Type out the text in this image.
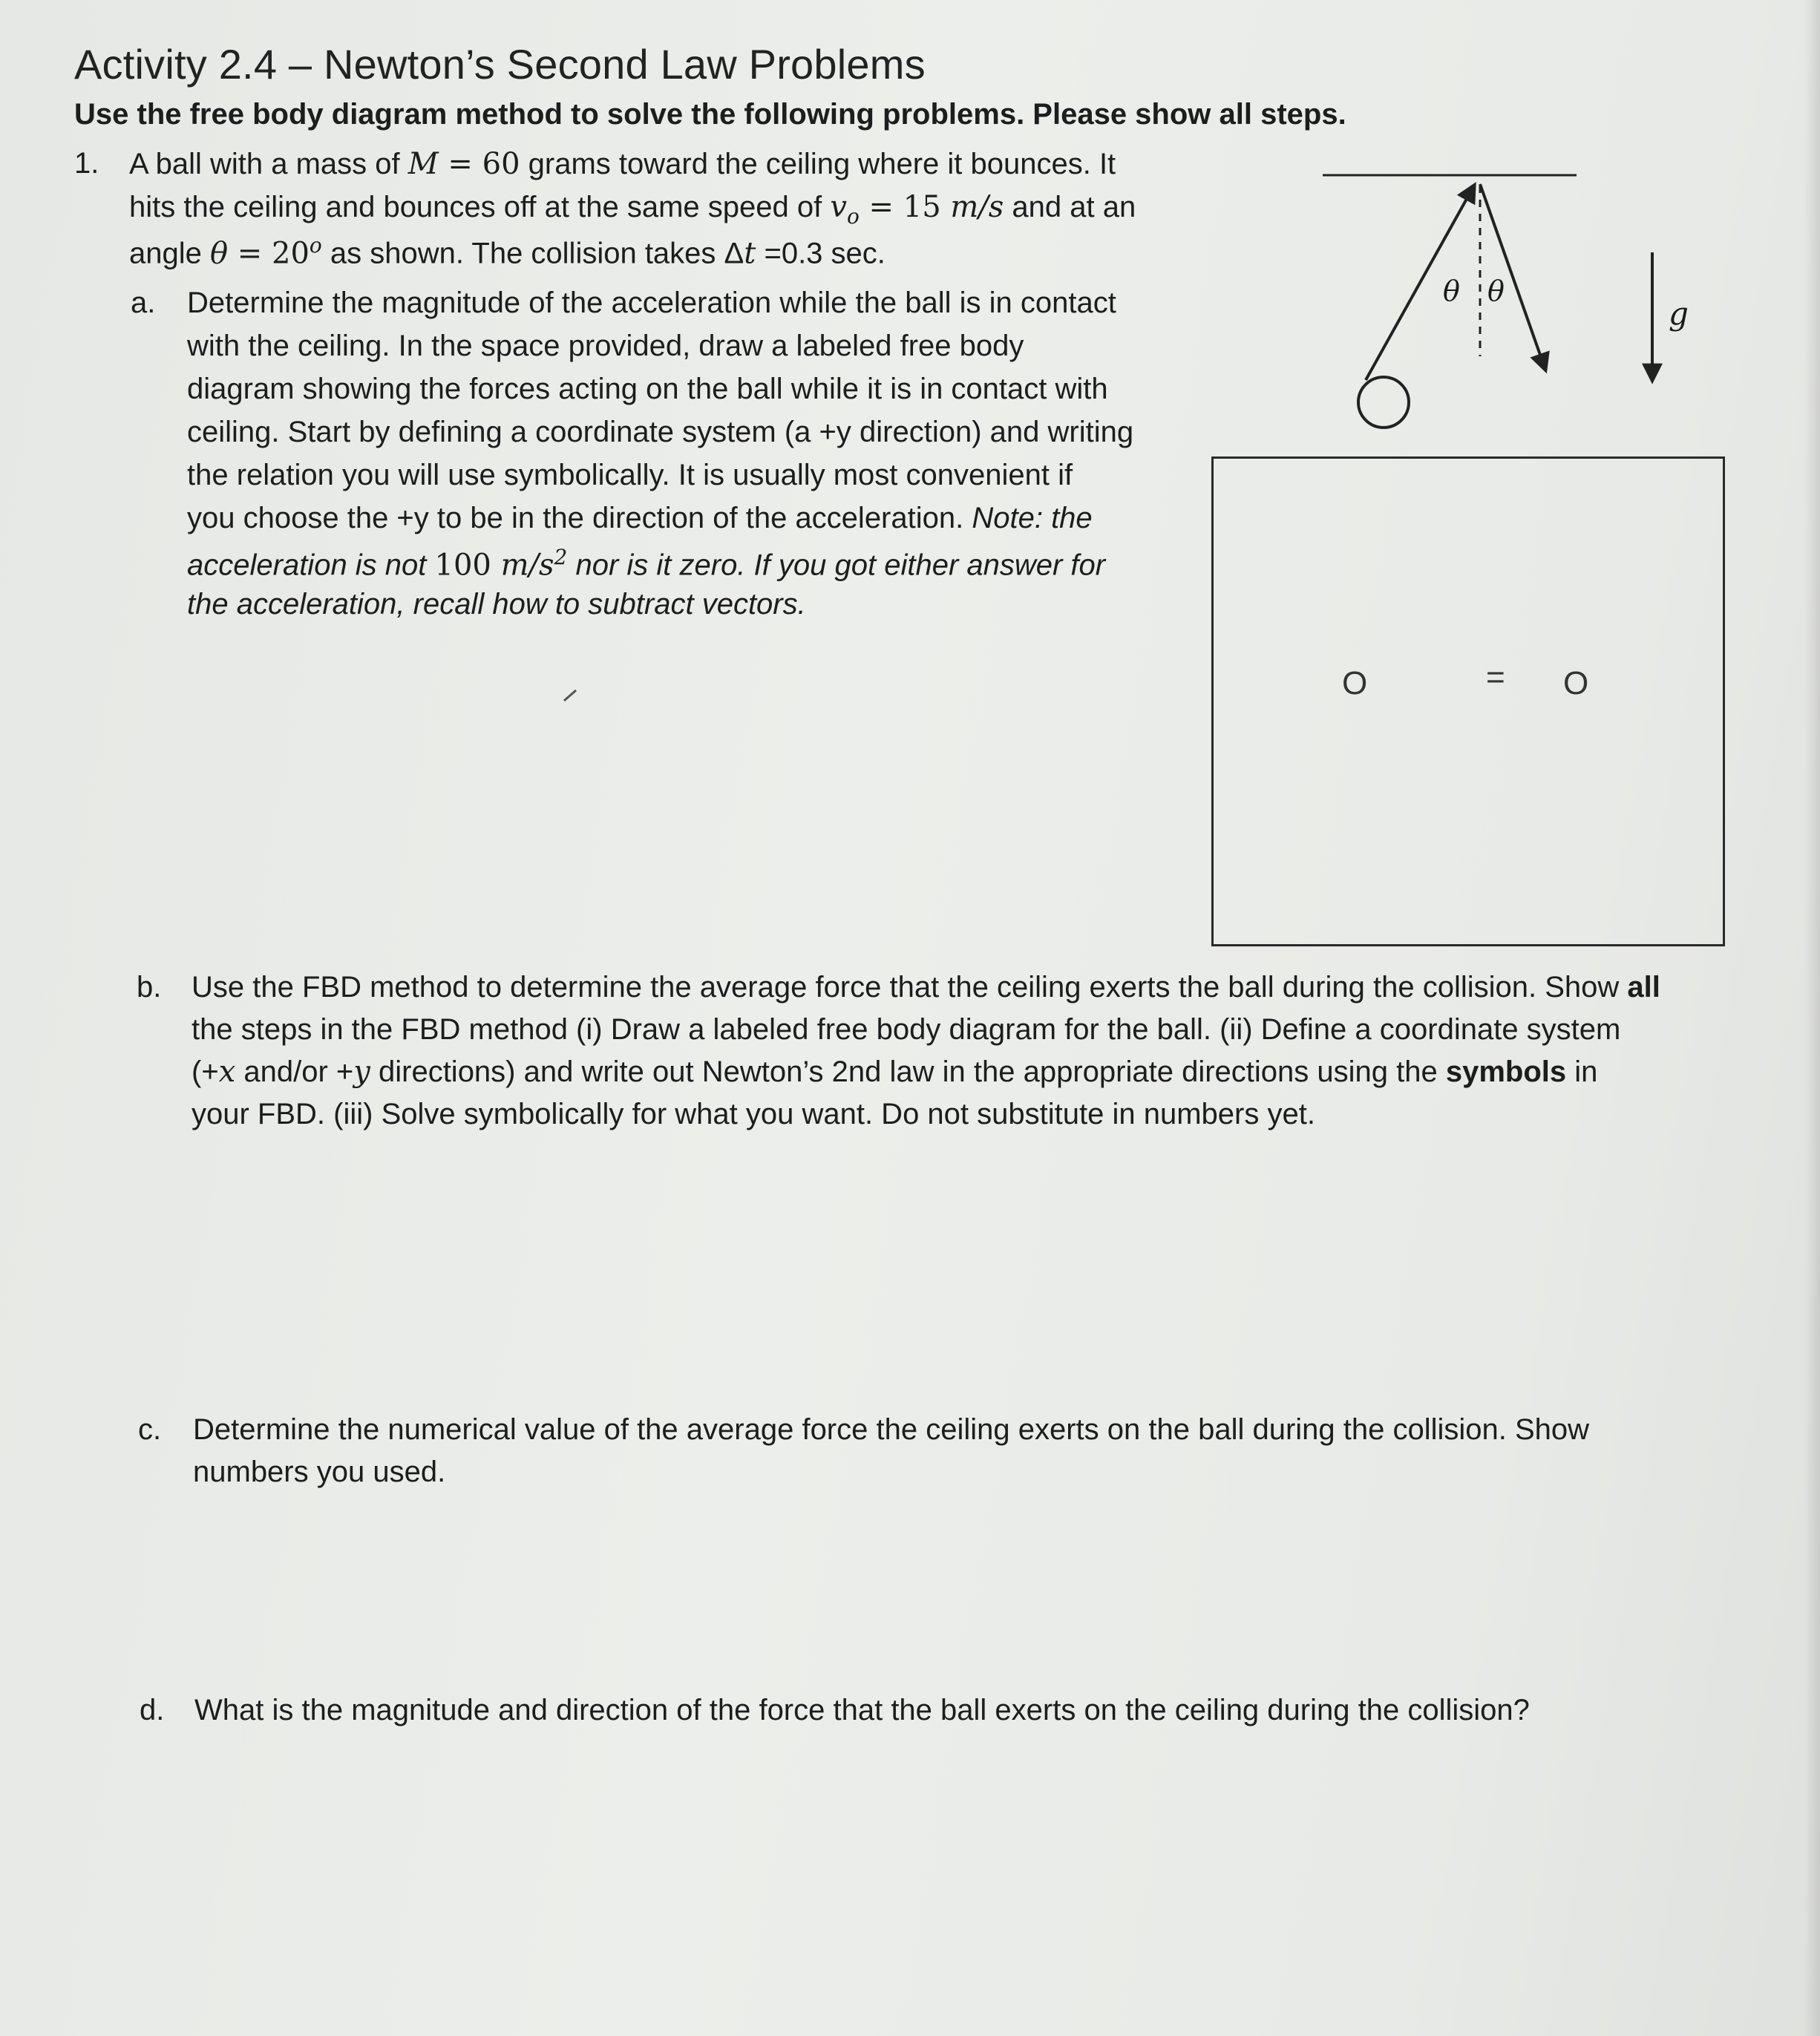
Activity 2.4 – Newton’s Second Law Problems
Use the free body diagram method to solve the following problems. Please show all steps.
1. A ball with a mass of M = 60 grams toward the ceiling where it bounces. It
hits the ceiling and bounces off at the same speed of $v_o = 15$ m/s and at an
angle $\theta = 20^o$ as shown. The collision takes Δt =0.3 sec.
a. Determine the magnitude of the acceleration while the ball is in contact
with the ceiling. In the space provided, draw a labeled free body
diagram showing the forces acting on the ball while it is in contact with
ceiling. Start by defining a coordinate system (a +y direction) and writing
the relation you will use symbolically. It is usually most convenient if
you choose the +y to be in the direction of the acceleration. Note: the
acceleration is not 100 $m/s^2$ nor is it zero. If you got either answer for
the acceleration, recall how to subtract vectors.
θ θ
g
O	= O
b. Use the FBD method to determine the average force that the ceiling exerts the ball during the collision. Show all
the steps in the FBD method (i) Draw a labeled free body diagram for the ball. (ii) Define a coordinate system
(+x and/or +y directions) and write out Newton’s 2nd law in the appropriate directions using the symbols in
your FBD. (iii) Solve symbolically for what you want. Do not substitute in numbers yet.
c. Determine the numerical value of the average force the ceiling exerts on the ball during the collision. Show
numbers you used.
d. What is the magnitude and direction of the force that the ball exerts on the ceiling during the collision?
